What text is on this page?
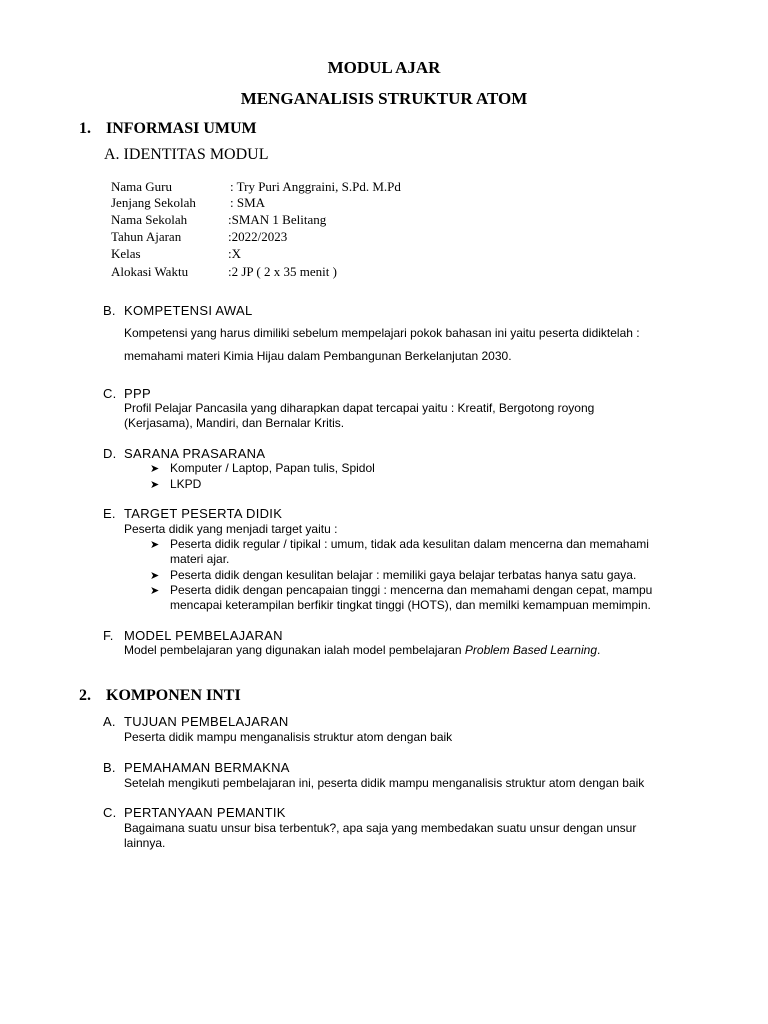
MODUL AJAR
MENGANALISIS STRUKTUR ATOM
1. INFORMASI UMUM
A. IDENTITAS MODUL
Nama Guru	: Try Puri Anggraini, S.Pd. M.Pd
Jenjang Sekolah	: SMA
Nama Sekolah	:SMAN 1 Belitang
Tahun Ajaran	:2022/2023
Kelas	:X
Alokasi Waktu	:2 JP ( 2 x 35 menit )
B. KOMPETENSI AWAL
Kompetensi yang harus dimiliki sebelum mempelajari pokok bahasan ini yaitu peserta didiktelah :
memahami materi Kimia Hijau dalam Pembangunan Berkelanjutan 2030.
C. PPP
Profil Pelajar Pancasila yang diharapkan dapat tercapai yaitu : Kreatif, Bergotong royong
(Kerjasama), Mandiri, dan Bernalar Kritis.
D. SARANA PRASARANA
➤ Komputer / Laptop, Papan tulis, Spidol
➤ LKPD
E. TARGET PESERTA DIDIK
Peserta didik yang menjadi target yaitu :
➤ Peserta didik regular / tipikal : umum, tidak ada kesulitan dalam mencerna dan memahami
materi ajar.
➤ Peserta didik dengan kesulitan belajar : memiliki gaya belajar terbatas hanya satu gaya.
➤ Peserta didik dengan pencapaian tinggi : mencerna dan memahami dengan cepat, mampu
mencapai keterampilan berfikir tingkat tinggi (HOTS), dan memilki kemampuan memimpin.
F. MODEL PEMBELAJARAN
Model pembelajaran yang digunakan ialah model pembelajaran Problem Based Learning.
2. KOMPONEN INTI
A. TUJUAN PEMBELAJARAN
Peserta didik mampu menganalisis struktur atom dengan baik
B. PEMAHAMAN BERMAKNA
Setelah mengikuti pembelajaran ini, peserta didik mampu menganalisis struktur atom dengan baik
C. PERTANYAAN PEMANTIK
Bagaimana suatu unsur bisa terbentuk?, apa saja yang membedakan suatu unsur dengan unsur
lainnya.
